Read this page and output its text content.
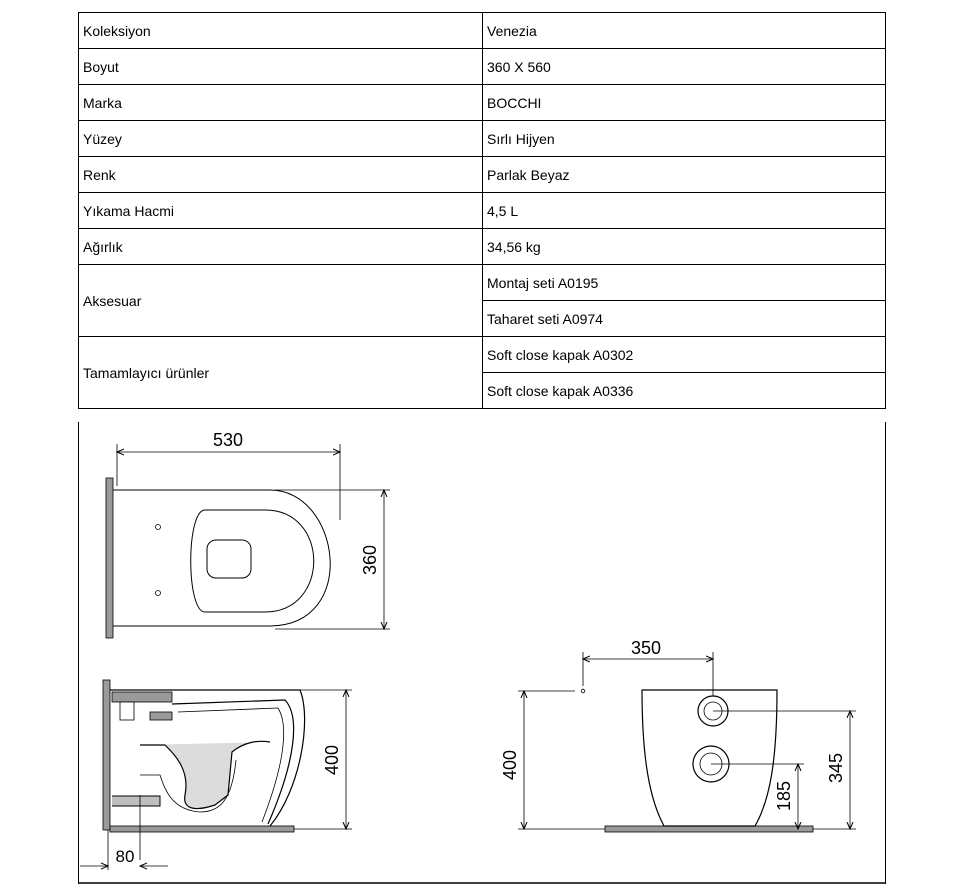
Koleksiyon	Venezia
Boyut	360 X 560
Marka	BOCCHI
Yüzey	Sırlı Hijyen
Renk	Parlak Beyaz
Yıkama Hacmi	4,5 L
Ağırlık	34,56 kg
Aksesuar	Montaj seti A0195
	Taharet seti A0974
Tamamlayıcı ürünler	Soft close kapak A0302
	Soft close kapak A0336
530
360
400
80
350
400	345
185
